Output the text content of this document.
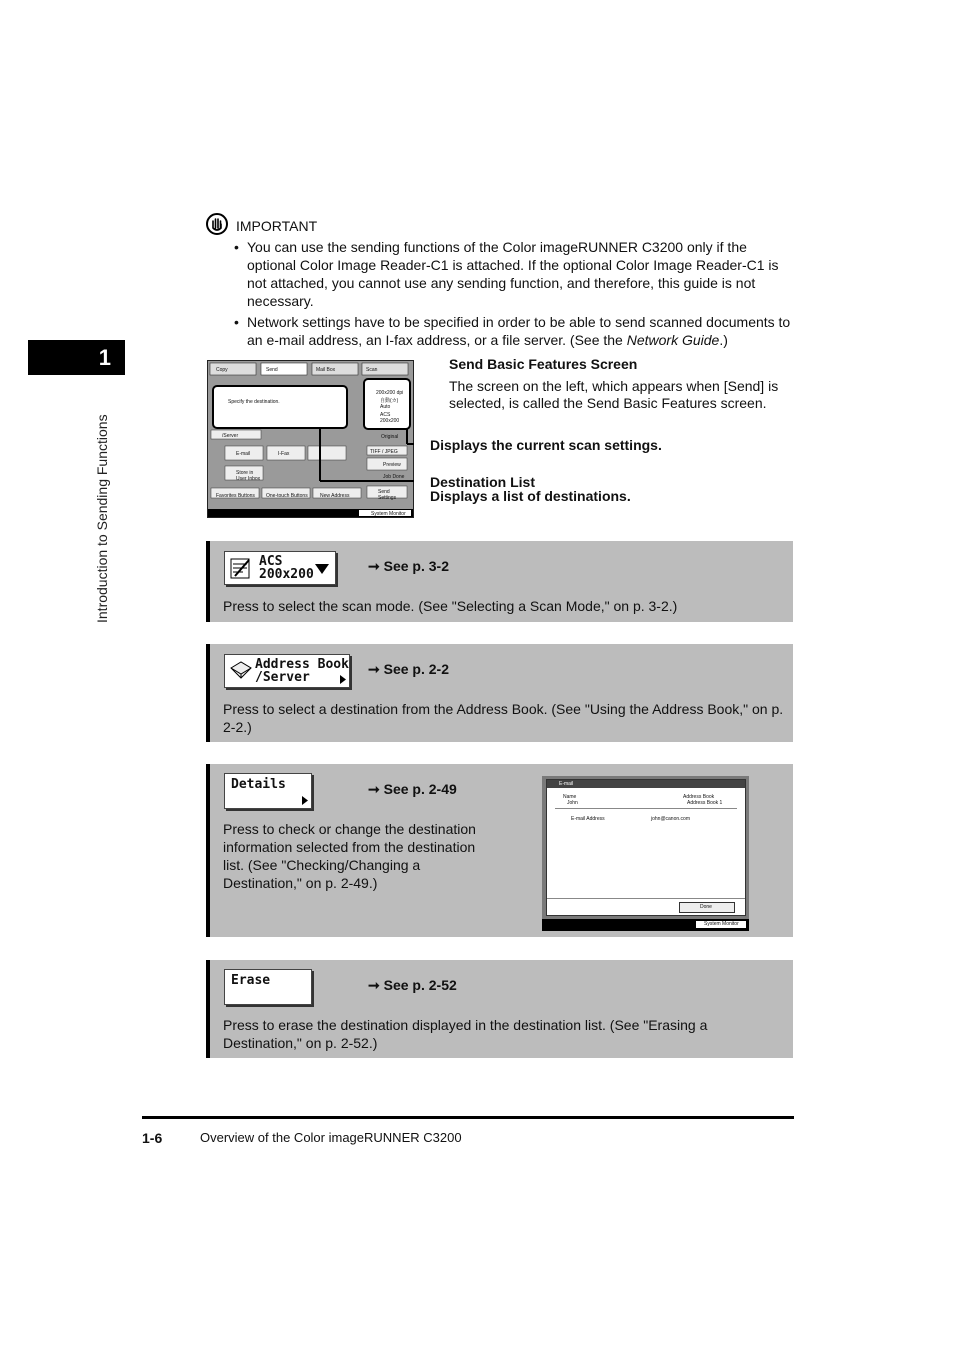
1
Introduction to Sending Functions
IMPORTANT
• You can use the sending functions of the Color imageRUNNER C3200 only if the optional Color Image Reader-C1 is attached. If the optional Color Image Reader-C1 is not attached, you cannot use any sending function, and therefore, this guide is not necessary.
• Network settings have to be specified in order to be able to send scanned documents to an e-mail address, an I-fax address, or a file server. (See the Network Guide.)
Copy	Send	Mail Box	Scan
Specify the destination.
200x200 dpi
自動(カ)
Auto
ACS
200x200
/Server
E-mail	I-Fax
Store in User Inbox
Favorites Buttons One-touch Buttons New Address
Original
TIFF / JPEG
Preview
Job Done
Send Settings
System Monitor
Send Basic Features Screen
The screen on the left, which appears when [Send] is selected, is called the Send Basic Features screen.
Displays the current scan settings.
Destination List
Displays a list of destinations.
ACS
200x200
➞ See p. 3-2
Press to select the scan mode. (See "Selecting a Scan Mode," on p. 3-2.)
Address Book
/Server
➞ See p. 2-2
Press to select a destination from the Address Book. (See "Using the Address Book," on p. 2-2.)
Details	➞ See p. 2-49
Press to check or change the destination information selected from the destination list. (See "Checking/Changing a Destination," on p. 2-49.)
E-mail
Name
John
Address Book
Address Book 1
E-mail Address	john@canon.com
Done
System Monitor
Erase	➞ See p. 2-52
Press to erase the destination displayed in the destination list. (See "Erasing a Destination," on p. 2-52.)
1-6	Overview of the Color imageRUNNER C3200
